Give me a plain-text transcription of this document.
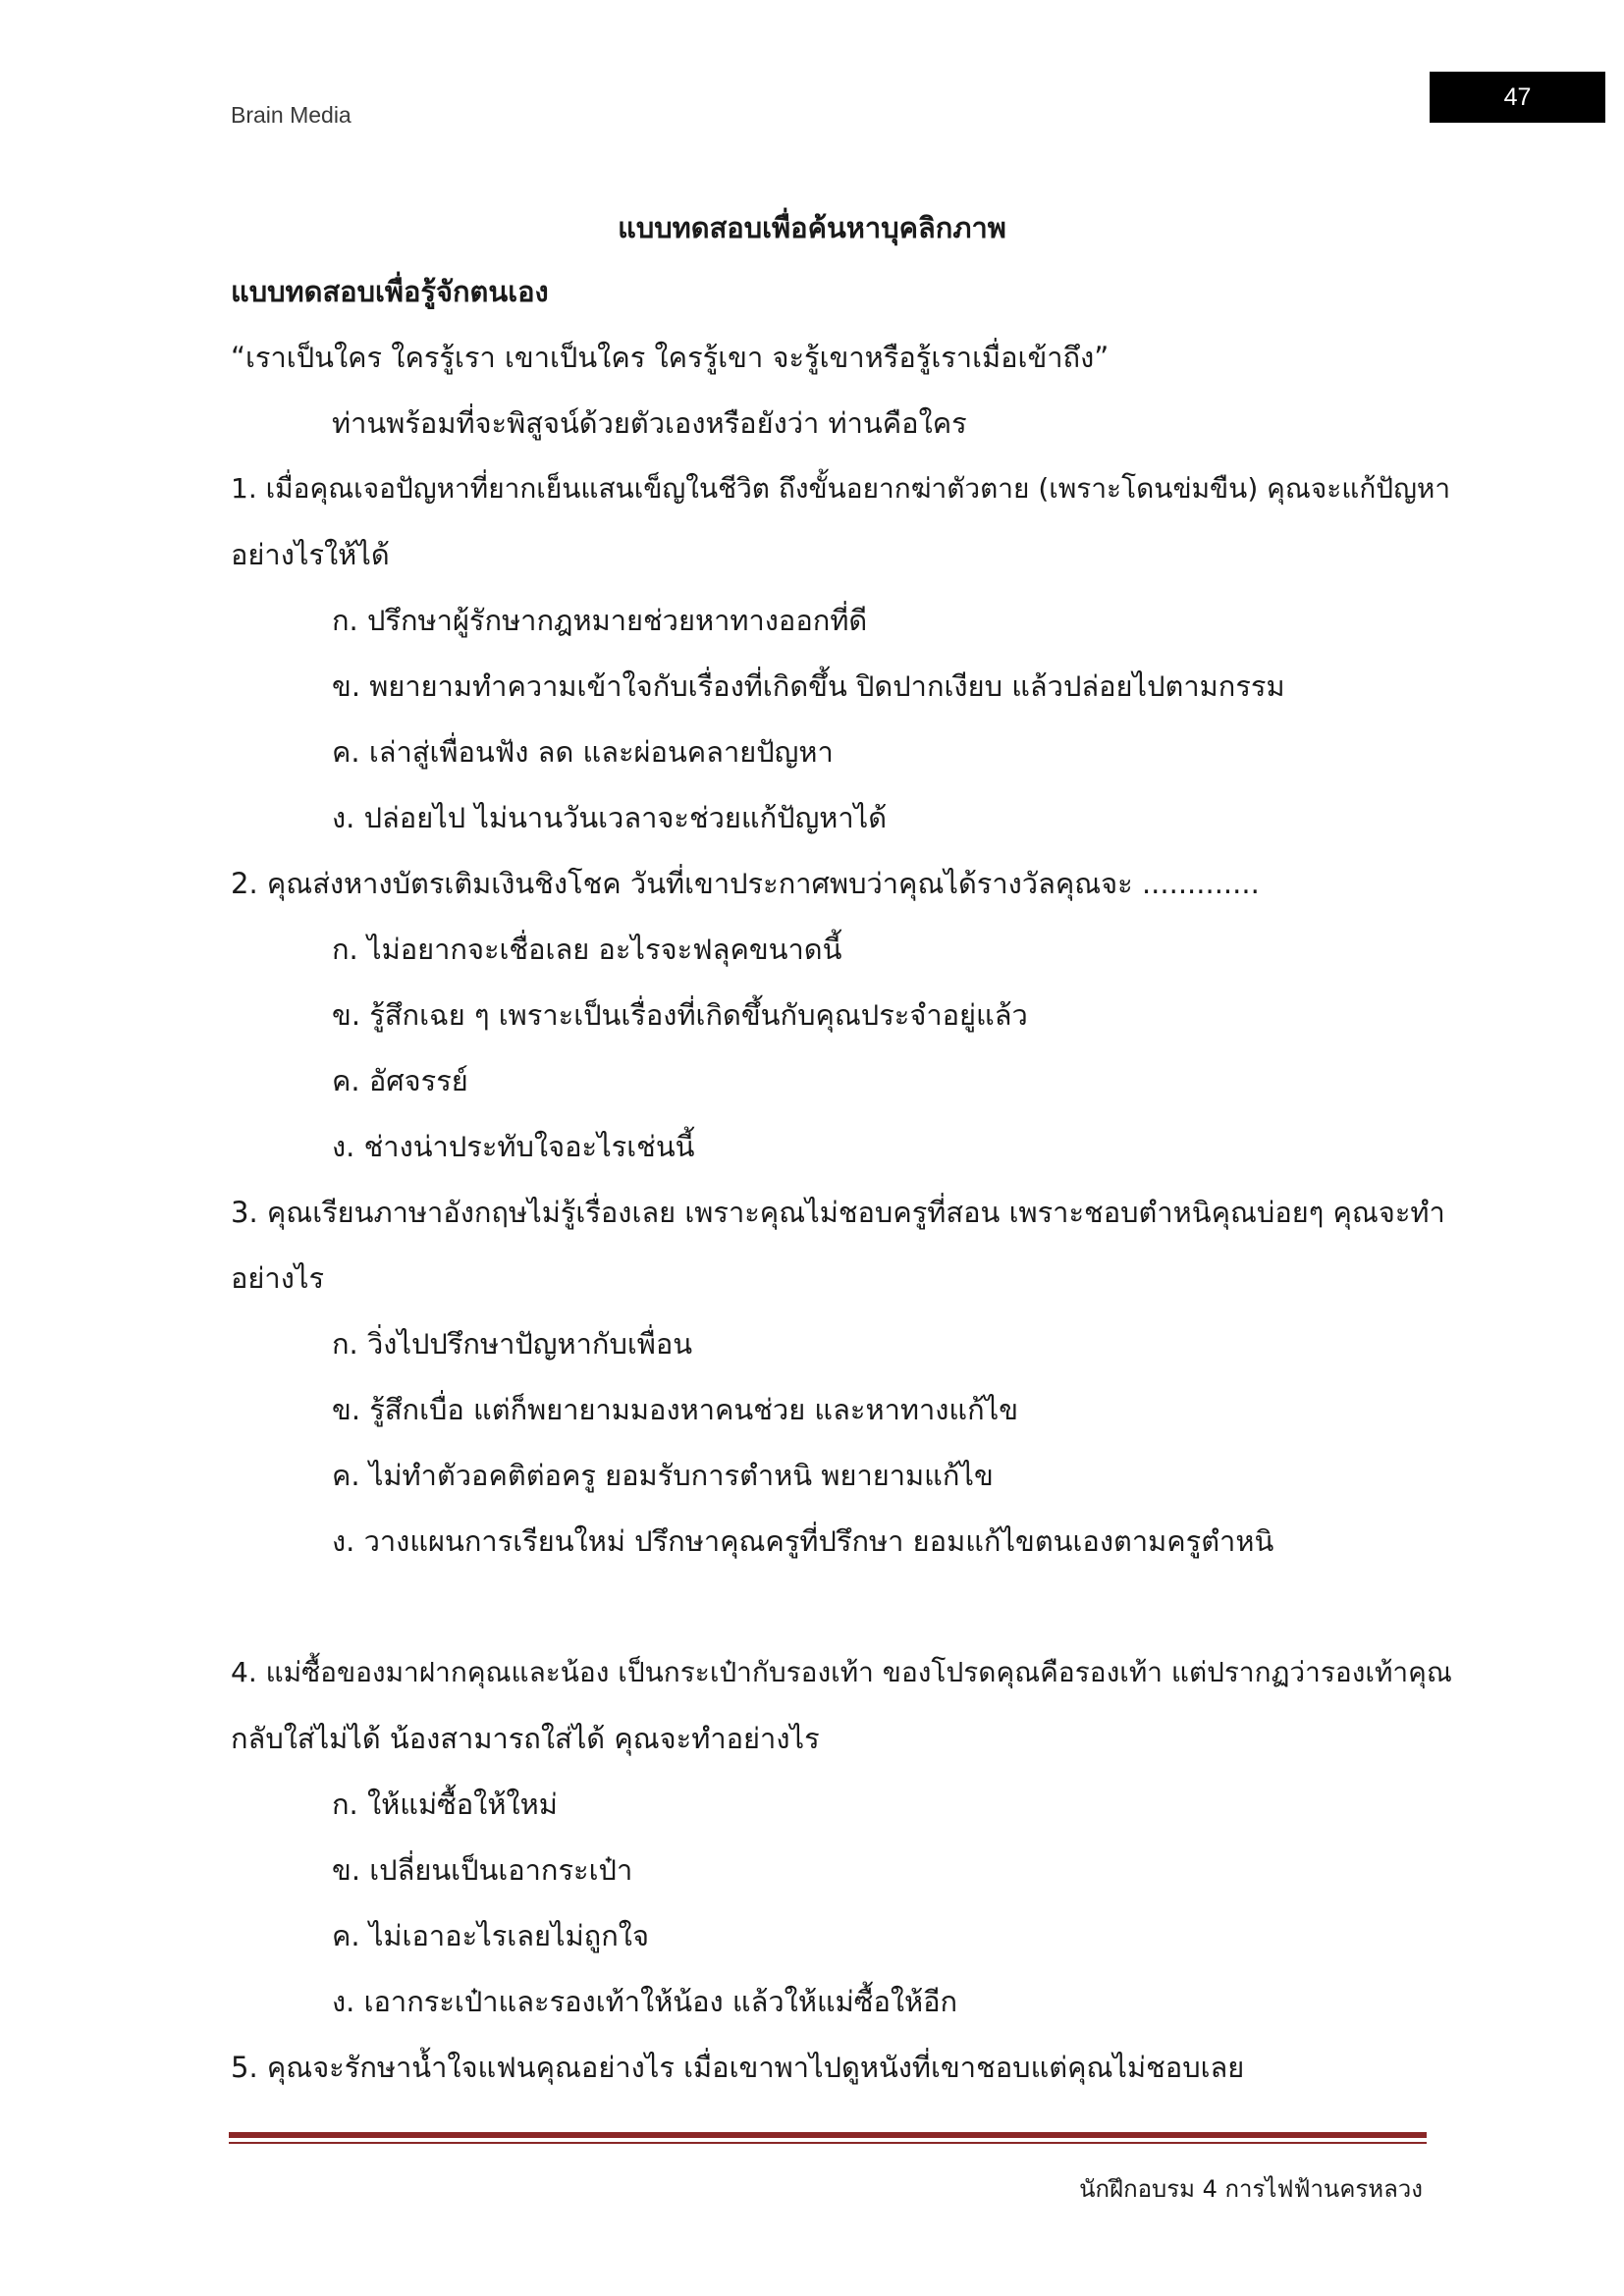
Brain Media
47
แบบทดสอบเพื่อค้นหาบุคลิกภาพ
แบบทดสอบเพื่อรู้จักตนเอง
“เราเป็นใคร ใครรู้เรา เขาเป็นใคร ใครรู้เขา จะรู้เขาหรือรู้เราเมื่อเข้าถึง”
ท่านพร้อมที่จะพิสูจน์ด้วยตัวเองหรือยังว่า ท่านคือใคร
1. เมื่อคุณเจอปัญหาที่ยากเย็นแสนเข็ญในชีวิต ถึงขั้นอยากฆ่าตัวตาย (เพราะโดนข่มขืน) คุณจะแก้ปัญหา
อย่างไรให้ได้
ก. ปรึกษาผู้รักษากฎหมายช่วยหาทางออกที่ดี
ข. พยายามทำความเข้าใจกับเรื่องที่เกิดขึ้น ปิดปากเงียบ แล้วปล่อยไปตามกรรม
ค. เล่าสู่เพื่อนฟัง ลด และผ่อนคลายปัญหา
ง. ปล่อยไป ไม่นานวันเวลาจะช่วยแก้ปัญหาได้
2. คุณส่งหางบัตรเติมเงินชิงโชค วันที่เขาประกาศพบว่าคุณได้รางวัลคุณจะ .............
ก. ไม่อยากจะเชื่อเลย อะไรจะฟลุคขนาดนี้
ข. รู้สึกเฉย ๆ เพราะเป็นเรื่องที่เกิดขึ้นกับคุณประจำอยู่แล้ว
ค. อัศจรรย์
ง. ช่างน่าประทับใจอะไรเช่นนี้
3. คุณเรียนภาษาอังกฤษไม่รู้เรื่องเลย เพราะคุณไม่ชอบครูที่สอน เพราะชอบตำหนิคุณบ่อยๆ คุณจะทำ
อย่างไร
ก. วิ่งไปปรึกษาปัญหากับเพื่อน
ข. รู้สึกเบื่อ แต่ก็พยายามมองหาคนช่วย และหาทางแก้ไข
ค. ไม่ทำตัวอคติต่อครู ยอมรับการตำหนิ พยายามแก้ไข
ง. วางแผนการเรียนใหม่ ปรึกษาคุณครูที่ปรึกษา ยอมแก้ไขตนเองตามครูตำหนิ
4. แม่ซื้อของมาฝากคุณและน้อง เป็นกระเป๋ากับรองเท้า ของโปรดคุณคือรองเท้า แต่ปรากฏว่ารองเท้าคุณ
กลับใส่ไม่ได้ น้องสามารถใส่ได้ คุณจะทำอย่างไร
ก. ให้แม่ซื้อให้ใหม่
ข. เปลี่ยนเป็นเอากระเป๋า
ค. ไม่เอาอะไรเลยไม่ถูกใจ
ง. เอากระเป๋าและรองเท้าให้น้อง แล้วให้แม่ซื้อให้อีก
5. คุณจะรักษาน้ำใจแฟนคุณอย่างไร เมื่อเขาพาไปดูหนังที่เขาชอบแต่คุณไม่ชอบเลย
นักฝึกอบรม 4 การไฟฟ้านครหลวง
